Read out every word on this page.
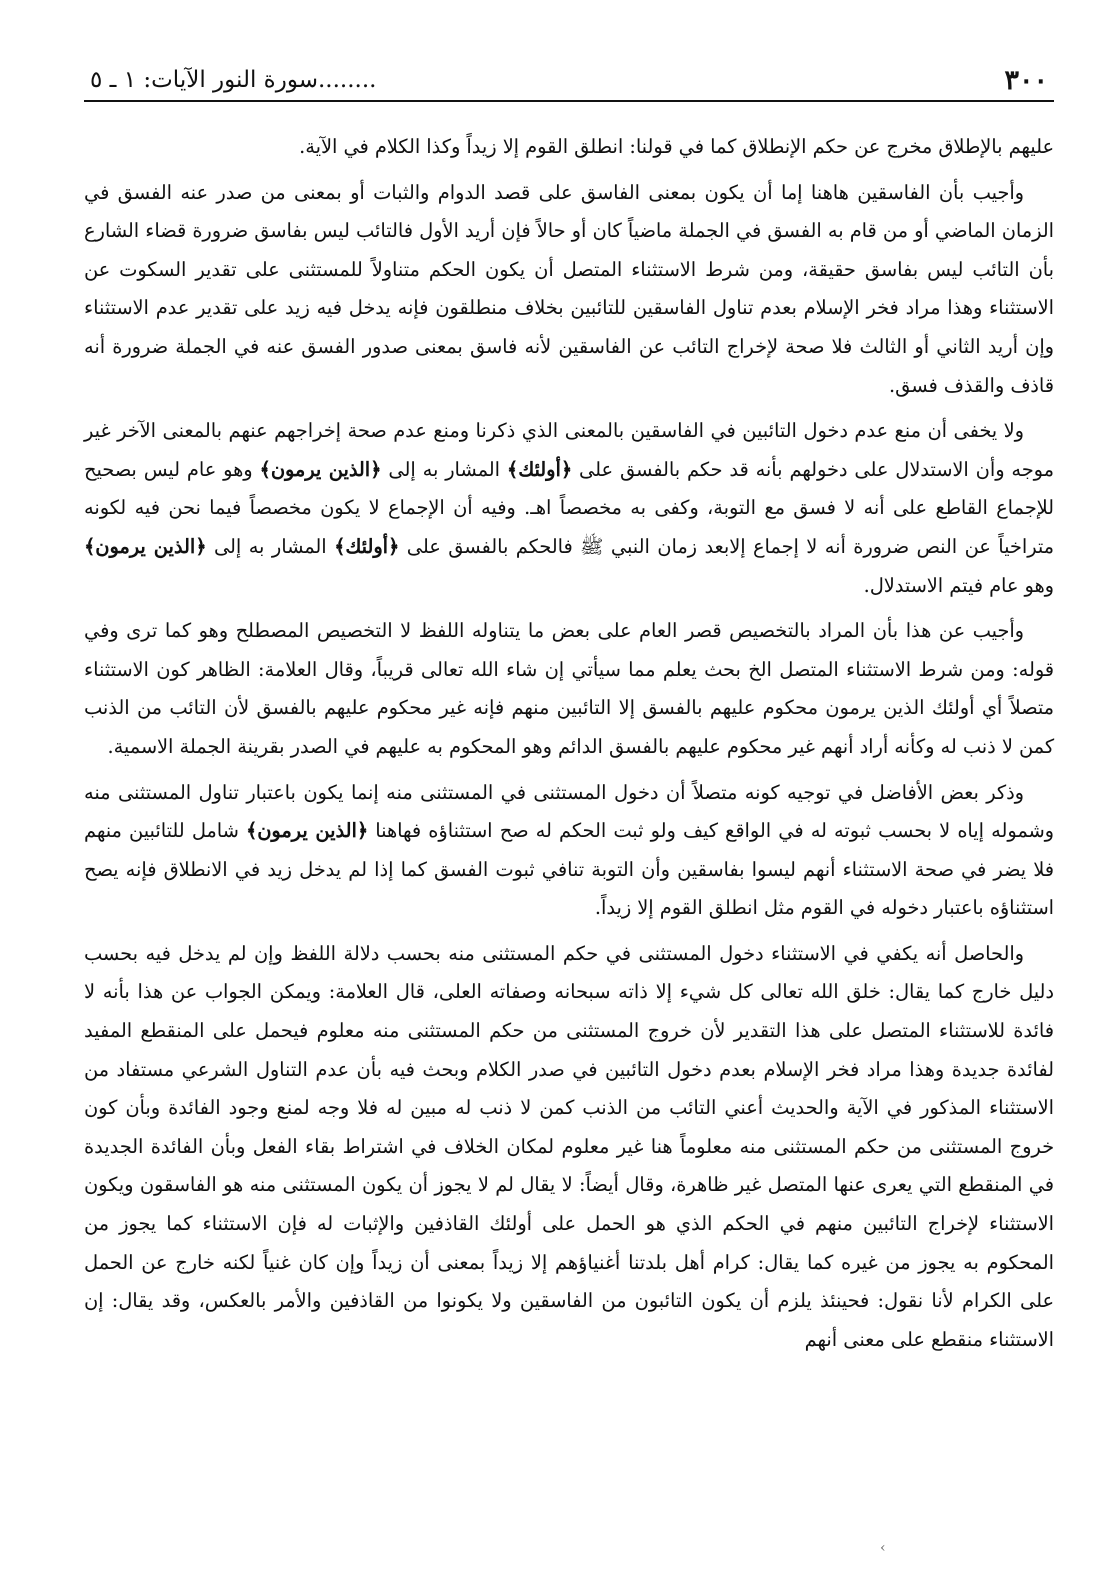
٣٠٠
........سورة النور الآيات: ١ ـ ٥

عليهم بالإطلاق مخرج عن حكم الإنطلاق كما في قولنا: انطلق القوم إلا زيداً وكذا الكلام في الآية.

وأجيب بأن الفاسقين هاهنا إما أن يكون بمعنى الفاسق على قصد الدوام والثبات أو بمعنى من صدر عنه الفسق في الزمان الماضي أو من قام به الفسق في الجملة ماضياً كان أو حالاً فإن أريد الأول فالتائب ليس بفاسق ضرورة قضاء الشارع بأن التائب ليس بفاسق حقيقة، ومن شرط الاستثناء المتصل أن يكون الحكم متناولاً للمستثنى على تقدير السكوت عن الاستثناء وهذا مراد فخر الإسلام بعدم تناول الفاسقين للتائبين بخلاف منطلقون فإنه يدخل فيه زيد على تقدير عدم الاستثناء وإن أريد الثاني أو الثالث فلا صحة لإخراج التائب عن الفاسقين لأنه فاسق بمعنى صدور الفسق عنه في الجملة ضرورة أنه قاذف والقذف فسق.

ولا يخفى أن منع عدم دخول التائبين في الفاسقين بالمعنى الذي ذكرنا ومنع عدم صحة إخراجهم عنهم بالمعنى الآخر غير موجه وأن الاستدلال على دخولهم بأنه قد حكم بالفسق على ﴿أولئك﴾ المشار به إلى ﴿الذين يرمون﴾ وهو عام ليس بصحيح للإجماع القاطع على أنه لا فسق مع التوبة، وكفى به مخصصاً اهـ. وفيه أن الإجماع لا يكون مخصصاً فيما نحن فيه لكونه متراخياً عن النص ضرورة أنه لا إجماع إلابعد زمان النبي ﷺ فالحكم بالفسق على ﴿أولئك﴾ المشار به إلى ﴿الذين يرمون﴾ وهو عام فيتم الاستدلال.

وأجيب عن هذا بأن المراد بالتخصيص قصر العام على بعض ما يتناوله اللفظ لا التخصيص المصطلح وهو كما ترى وفي قوله: ومن شرط الاستثناء المتصل الخ بحث يعلم مما سيأتي إن شاء الله تعالى قريباً، وقال العلامة: الظاهر كون الاستثناء متصلاً أي أولئك الذين يرمون محكوم عليهم بالفسق إلا التائبين منهم فإنه غير محكوم عليهم بالفسق لأن التائب من الذنب كمن لا ذنب له وكأنه أراد أنهم غير محكوم عليهم بالفسق الدائم وهو المحكوم به عليهم في الصدر بقرينة الجملة الاسمية.

وذكر بعض الأفاضل في توجيه كونه متصلاً أن دخول المستثنى في المستثنى منه إنما يكون باعتبار تناول المستثنى منه وشموله إياه لا بحسب ثبوته له في الواقع كيف ولو ثبت الحكم له صح استثناؤه فهاهنا ﴿الذين يرمون﴾ شامل للتائبين منهم فلا يضر في صحة الاستثناء أنهم ليسوا بفاسقين وأن التوبة تنافي ثبوت الفسق كما إذا لم يدخل زيد في الانطلاق فإنه يصح استثناؤه باعتبار دخوله في القوم مثل انطلق القوم إلا زيداً.

والحاصل أنه يكفي في الاستثناء دخول المستثنى في حكم المستثنى منه بحسب دلالة اللفظ وإن لم يدخل فيه بحسب دليل خارج كما يقال: خلق الله تعالى كل شيء إلا ذاته سبحانه وصفاته العلى، قال العلامة: ويمكن الجواب عن هذا بأنه لا فائدة للاستثناء المتصل على هذا التقدير لأن خروج المستثنى من حكم المستثنى منه معلوم فيحمل على المنقطع المفيد لفائدة جديدة وهذا مراد فخر الإسلام بعدم دخول التائبين في صدر الكلام وبحث فيه بأن عدم التناول الشرعي مستفاد من الاستثناء المذكور في الآية والحديث أعني التائب من الذنب كمن لا ذنب له مبين له فلا وجه لمنع وجود الفائدة وبأن كون خروج المستثنى من حكم المستثنى منه معلوماً هنا غير معلوم لمكان الخلاف في اشتراط بقاء الفعل وبأن الفائدة الجديدة في المنقطع التي يعرى عنها المتصل غير ظاهرة، وقال أيضاً: لا يقال لم لا يجوز أن يكون المستثنى منه هو الفاسقون ويكون الاستثناء لإخراج التائبين منهم في الحكم الذي هو الحمل على أولئك القاذفين والإثبات له فإن الاستثناء كما يجوز من المحكوم به يجوز من غيره كما يقال: كرام أهل بلدتنا أغنياؤهم إلا زيداً بمعنى أن زيداً وإن كان غنياً لكنه خارج عن الحمل على الكرام لأنا نقول: فحينئذ يلزم أن يكون التائبون من الفاسقين ولا يكونوا من القاذفين والأمر بالعكس، وقد يقال: إن الاستثناء منقطع على معنى أنهم

›
